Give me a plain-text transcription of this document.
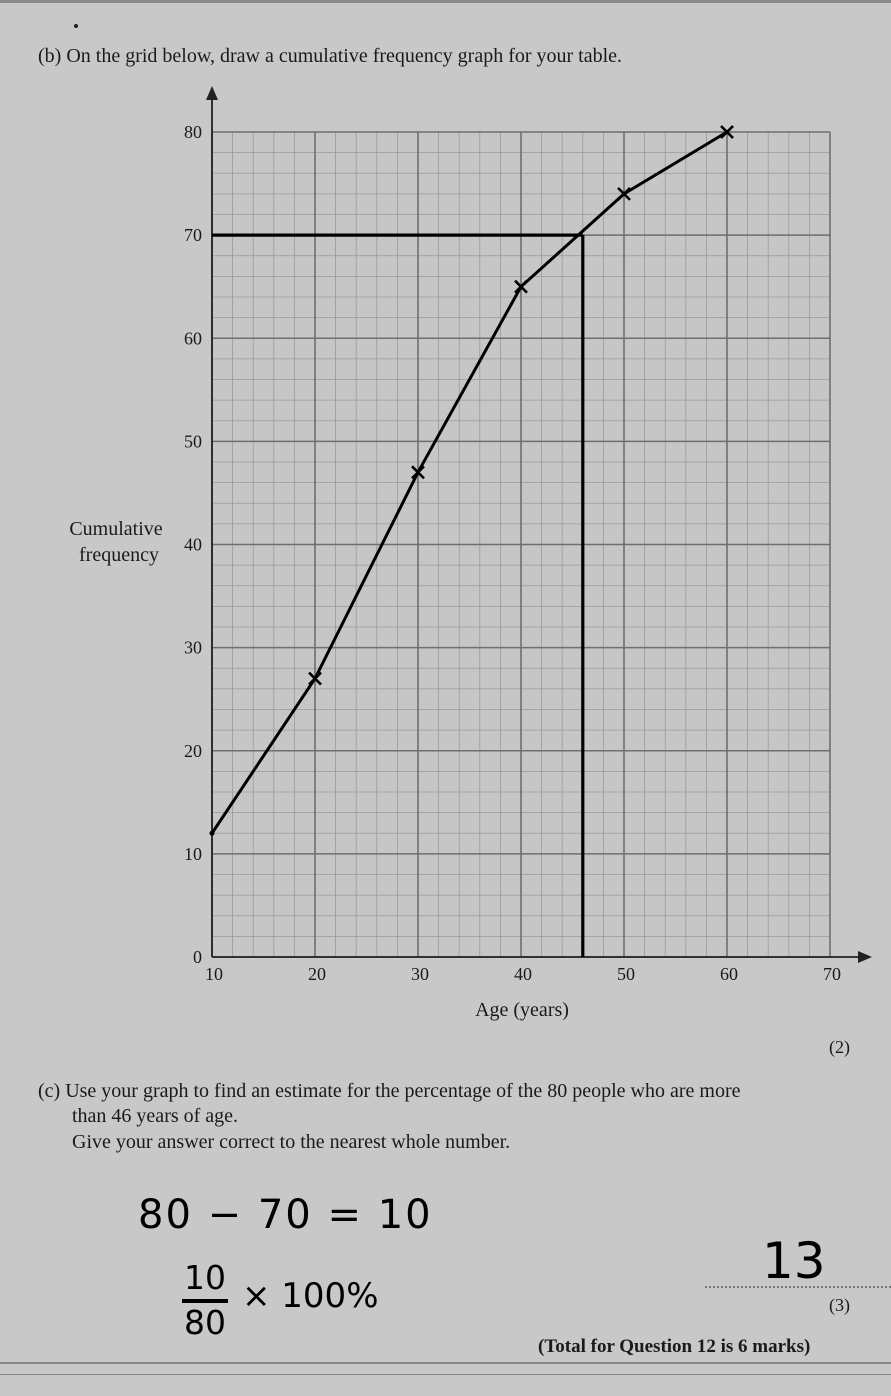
(b) On the grid below, draw a cumulative frequency graph for your table.
0
10
20
30
40
50
60
70
80
10	20	30	40	50	60	70
Cumulative
frequency
Age (years)
(2)
(c) Use your graph to find an estimate for the percentage of the 80 people who are more
than 46 years of age.
Give your answer correct to the nearest whole number.
80 − 70 = 10
10
80
× 100%
13
(3)
(Total for Question 12 is 6 marks)
